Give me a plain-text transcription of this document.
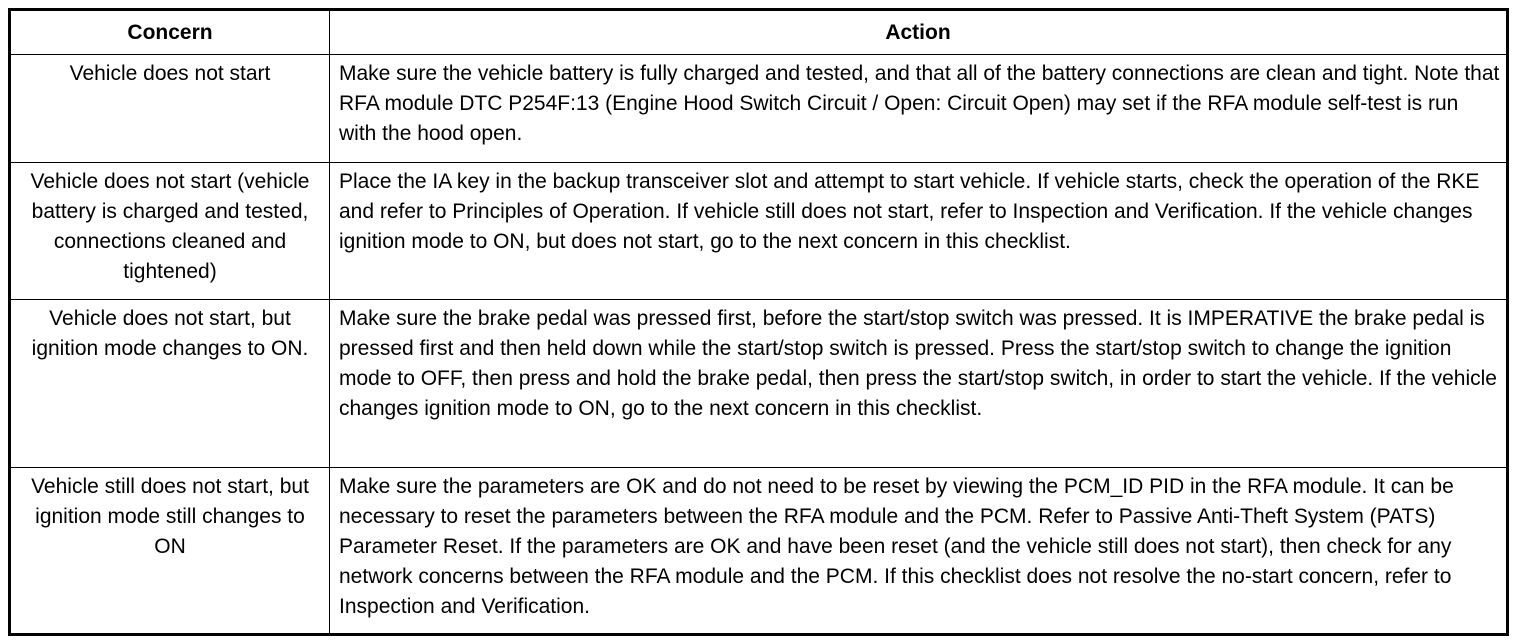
Concern	Action
Vehicle does not start	Make sure the vehicle battery is fully charged and tested, and that all of the battery connections are clean and tight. Note that RFA module DTC P254F:13 (Engine Hood Switch Circuit / Open: Circuit Open) may set if the RFA module self-test is run with the hood open.
Vehicle does not start (vehicle battery is charged and tested, connections cleaned and tightened)	Place the IA key in the backup transceiver slot and attempt to start vehicle. If vehicle starts, check the operation of the RKE and refer to Principles of Operation. If vehicle still does not start, refer to Inspection and Verification. If the vehicle changes ignition mode to ON, but does not start, go to the next concern in this checklist.
Vehicle does not start, but ignition mode changes to ON.	Make sure the brake pedal was pressed first, before the start/stop switch was pressed. It is IMPERATIVE the brake pedal is pressed first and then held down while the start/stop switch is pressed. Press the start/stop switch to change the ignition mode to OFF, then press and hold the brake pedal, then press the start/stop switch, in order to start the vehicle. If the vehicle changes ignition mode to ON, go to the next concern in this checklist.
Vehicle still does not start, but ignition mode still changes to ON	Make sure the parameters are OK and do not need to be reset by viewing the PCM_ID PID in the RFA module. It can be necessary to reset the parameters between the RFA module and the PCM. Refer to Passive Anti-Theft System (PATS) Parameter Reset. If the parameters are OK and have been reset (and the vehicle still does not start), then check for any network concerns between the RFA module and the PCM. If this checklist does not resolve the no-start concern, refer to Inspection and Verification.
